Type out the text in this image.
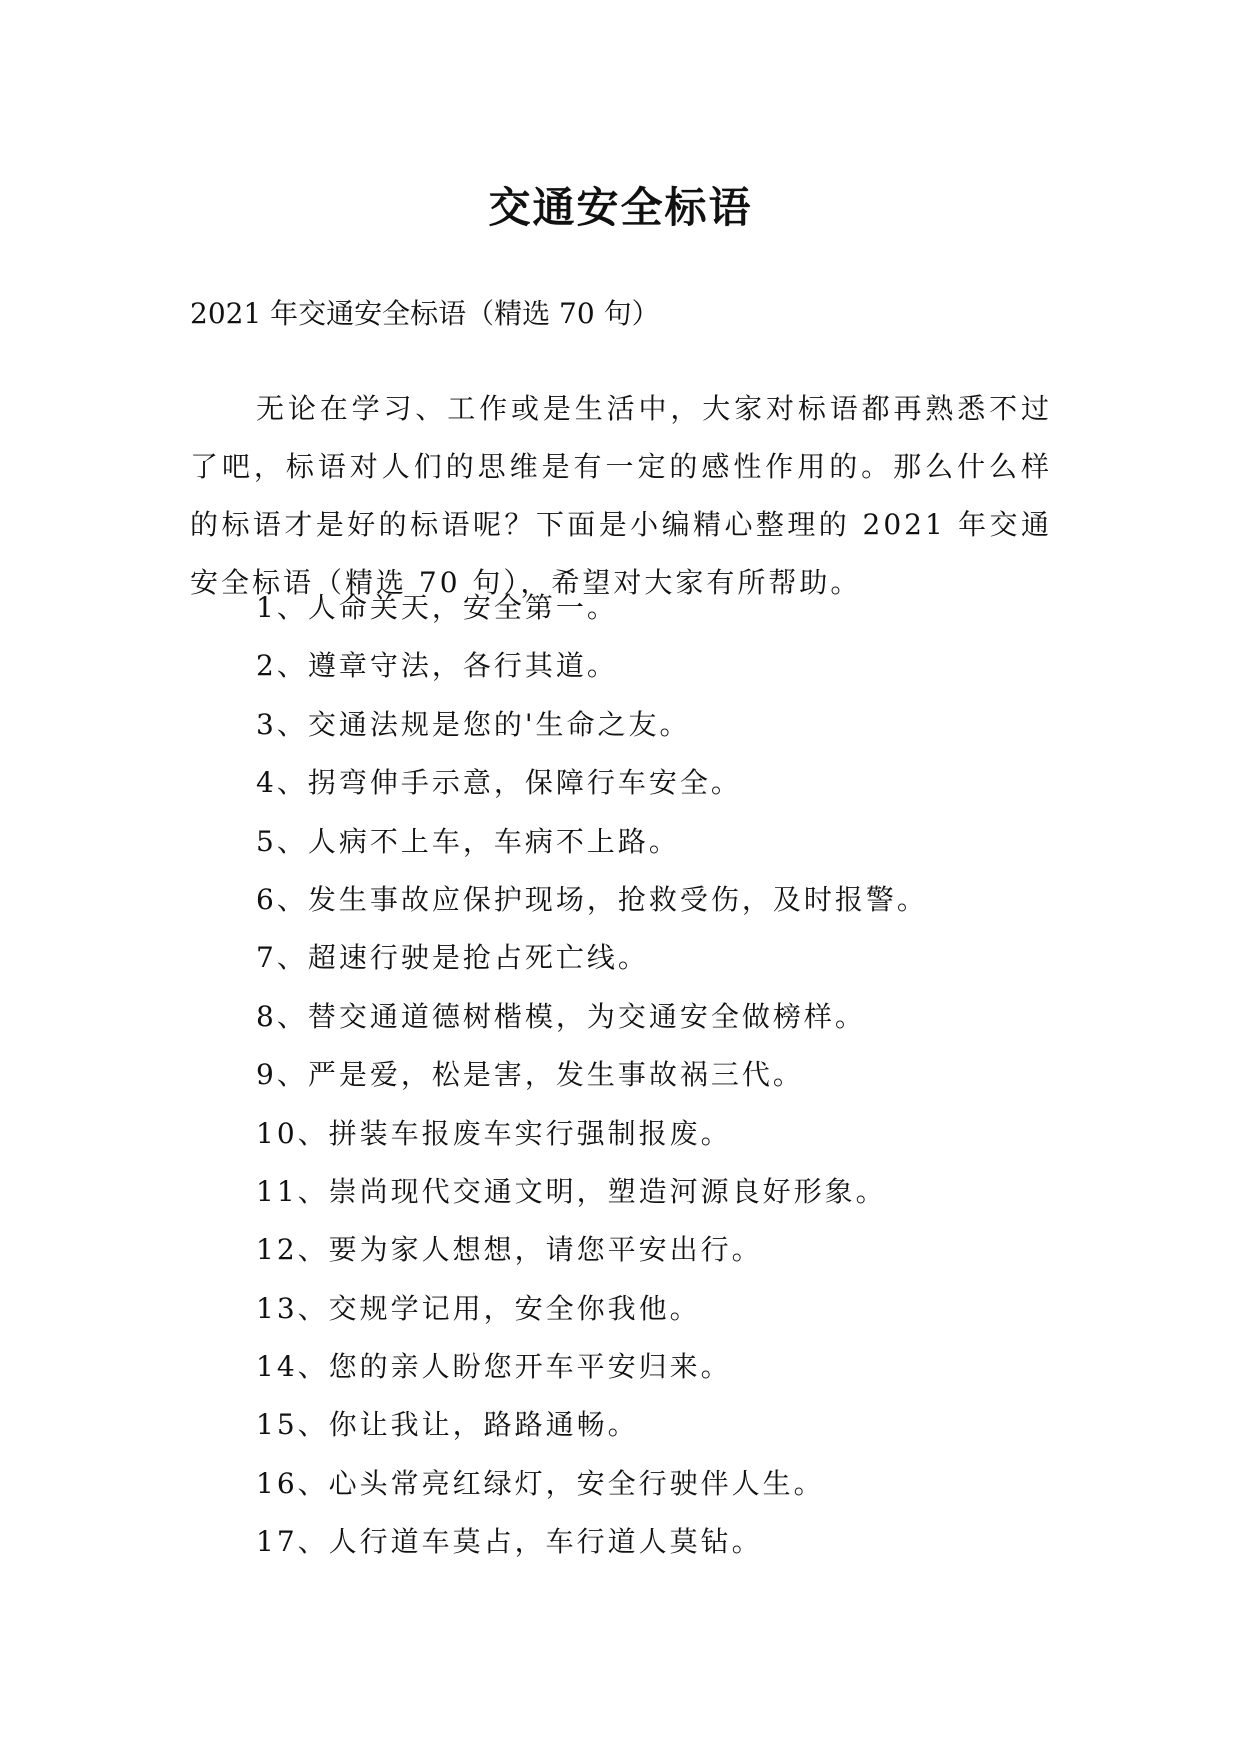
交通安全标语
2021 年交通安全标语（精选 70 句）

无论在学习、工作或是生活中，大家对标语都再熟悉不过了吧，标语对人们的思维是有一定的感性作用的。那么什么样的标语才是好的标语呢？下面是小编精心整理的 2021 年交通安全标语（精选 70 句），希望对大家有所帮助。

1、人命关天，安全第一。
2、遵章守法，各行其道。
3、交通法规是您的'生命之友。
4、拐弯伸手示意，保障行车安全。
5、人病不上车，车病不上路。
6、发生事故应保护现场，抢救受伤，及时报警。
7、超速行驶是抢占死亡线。
8、替交通道德树楷模，为交通安全做榜样。
9、严是爱，松是害，发生事故祸三代。
10、拼装车报废车实行强制报废。
11、崇尚现代交通文明，塑造河源良好形象。
12、要为家人想想，请您平安出行。
13、交规学记用，安全你我他。
14、您的亲人盼您开车平安归来。
15、你让我让，路路通畅。
16、心头常亮红绿灯，安全行驶伴人生。
17、人行道车莫占，车行道人莫钻。
